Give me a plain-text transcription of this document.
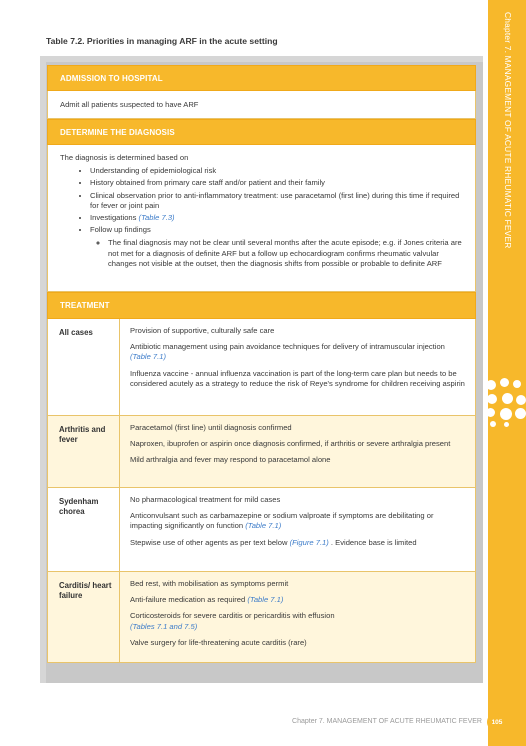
Chapter 7. MANAGEMENT OF ACUTE RHEUMATIC FEVER
Table 7.2. Priorities in managing ARF in the acute setting
ADMISSION TO HOSPITAL
Admit all patients suspected to have ARF
DETERMINE THE DIAGNOSIS
The diagnosis is determined based on
• Understanding of epidemiological risk
• History obtained from primary care staff and/or patient and their family
• Clinical observation prior to anti-inflammatory treatment: use paracetamol (first line) during this time if required for fever or joint pain
• Investigations (Table 7.3)
• Follow up findings
◦ The final diagnosis may not be clear until several months after the acute episode; e.g. if Jones criteria are not met for a diagnosis of definite ARF but a follow up echocardiogram confirms rheumatic valvular changes not visible at the outset, then the diagnosis shifts from possible or probable to definite ARF
TREATMENT
All cases	Provision of supportive, culturally safe care

Antibiotic management using pain avoidance techniques for delivery of intramuscular injection (Table 7.1)

Influenza vaccine - annual influenza vaccination is part of the long-term care plan but needs to be considered acutely as a strategy to reduce the risk of Reye's syndrome for children receiving aspirin

Arthritis and fever

Paracetamol (first line) until diagnosis confirmed

Naproxen, ibuprofen or aspirin once diagnosis confirmed, if arthritis or severe arthralgia present

Mild arthralgia and fever may respond to paracetamol alone

Sydenham chorea

No pharmacological treatment for mild cases

Anticonvulsant such as carbamazepine or sodium valproate if symptoms are debilitating or impacting significantly on function (Table 7.1)

Stepwise use of other agents as per text below (Figure 7.1) . Evidence base is limited

Carditis/ heart failure

Bed rest, with mobilisation as symptoms permit

Anti-failure medication as required (Table 7.1)

Corticosteroids for severe carditis or pericarditis with effusion
(Tables 7.1 and 7.5)

Valve surgery for life-threatening acute carditis (rare)

Chapter 7. MANAGEMENT OF ACUTE RHEUMATIC FEVER	105
